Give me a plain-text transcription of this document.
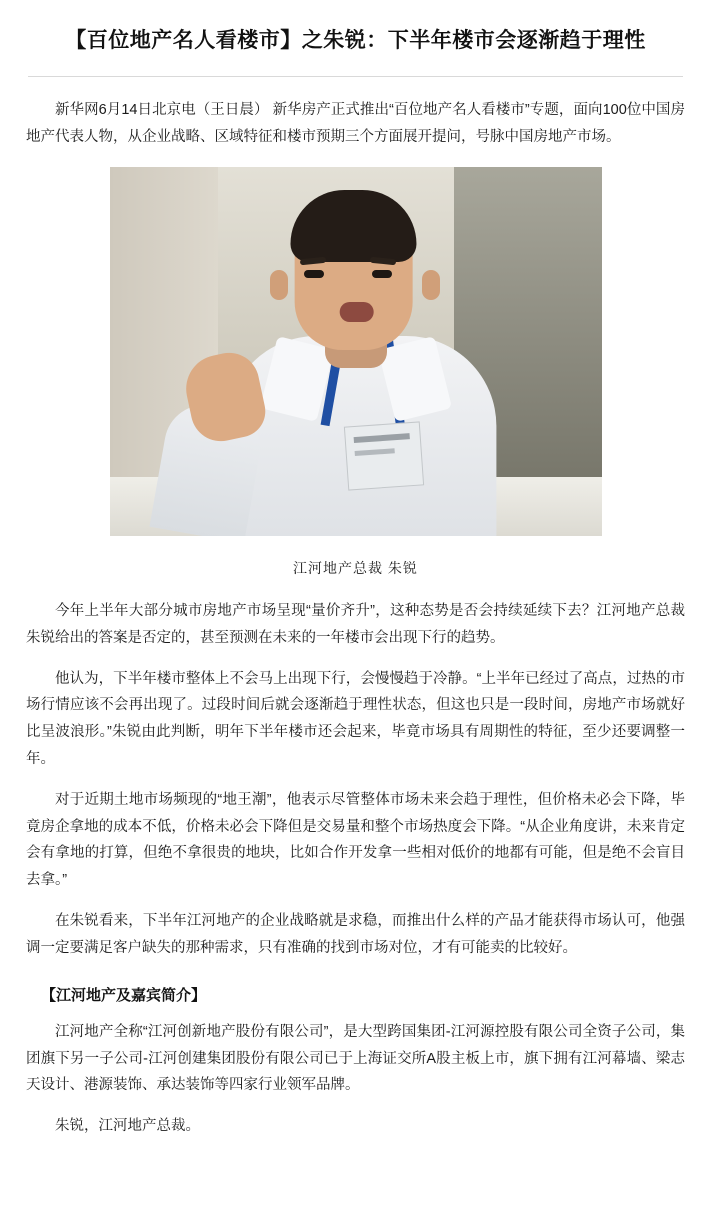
【百位地产名人看楼市】之朱锐：下半年楼市会逐渐趋于理性

新华网6月14日北京电（王日晨） 新华房产正式推出“百位地产名人看楼市”专题，面向100位中国房地产代表人物，从企业战略、区域特征和楼市预期三个方面展开提问，号脉中国房地产市场。

江河地产总裁 朱锐

今年上半年大部分城市房地产市场呈现“量价齐升”，这种态势是否会持续延续下去？江河地产总裁朱锐给出的答案是否定的，甚至预测在未来的一年楼市会出现下行的趋势。

他认为，下半年楼市整体上不会马上出现下行，会慢慢趋于冷静。“上半年已经过了高点，过热的市场行情应该不会再出现了。过段时间后就会逐渐趋于理性状态，但这也只是一段时间，房地产市场就好比呈波浪形。”朱锐由此判断，明年下半年楼市还会起来，毕竟市场具有周期性的特征，至少还要调整一年。

对于近期土地市场频现的“地王潮”，他表示尽管整体市场未来会趋于理性，但价格未必会下降，毕竟房企拿地的成本不低，价格未必会下降但是交易量和整个市场热度会下降。“从企业角度讲，未来肯定会有拿地的打算，但绝不拿很贵的地块，比如合作开发拿一些相对低价的地都有可能，但是绝不会盲目去拿。”

在朱锐看来，下半年江河地产的企业战略就是求稳，而推出什么样的产品才能获得市场认可，他强调一定要满足客户缺失的那种需求，只有准确的找到市场对位，才有可能卖的比较好。

【江河地产及嘉宾简介】

江河地产全称“江河创新地产股份有限公司”，是大型跨国集团-江河源控股有限公司全资子公司，集团旗下另一子公司-江河创建集团股份有限公司已于上海证交所A股主板上市，旗下拥有江河幕墙、梁志天设计、港源装饰、承达装饰等四家行业领军品牌。

朱锐，江河地产总裁。
